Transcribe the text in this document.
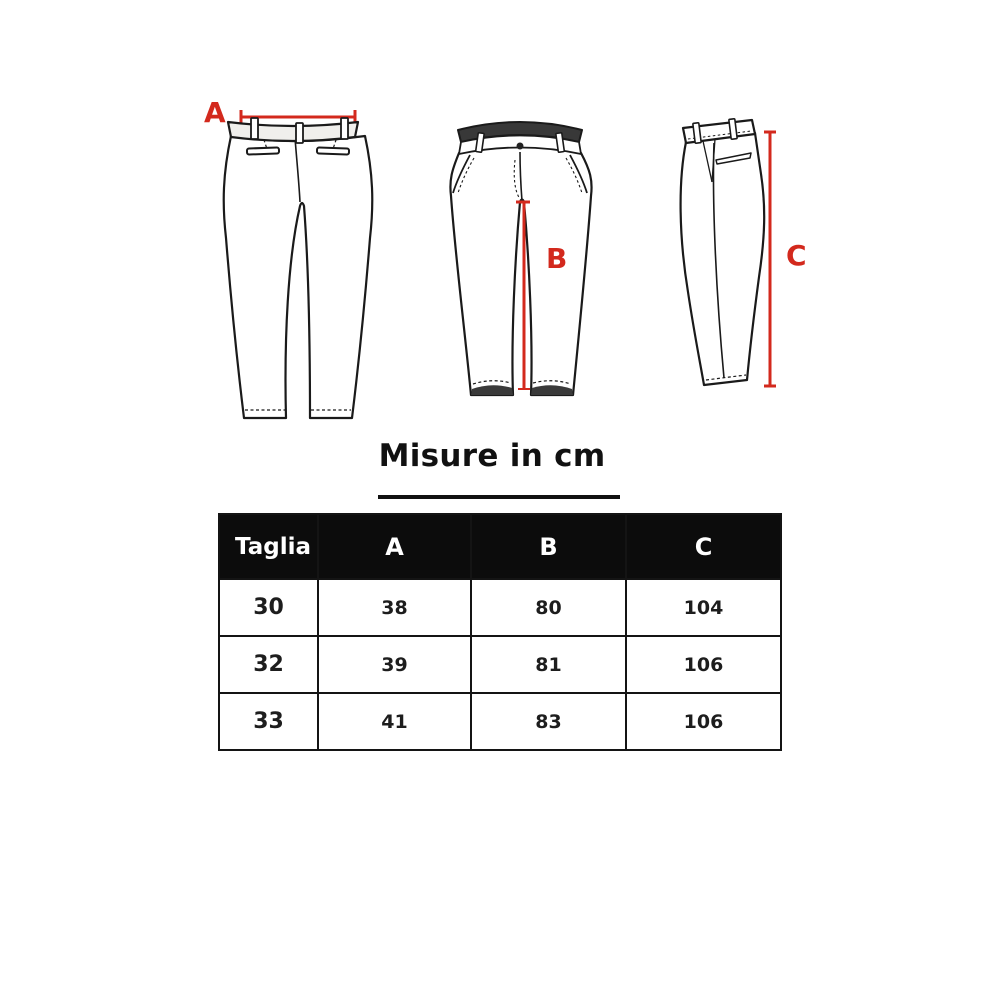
A
B	C
Misure in cm
Taglia	A	B	C
30	38	80	104
32	39	81	106
33	41	83	106
